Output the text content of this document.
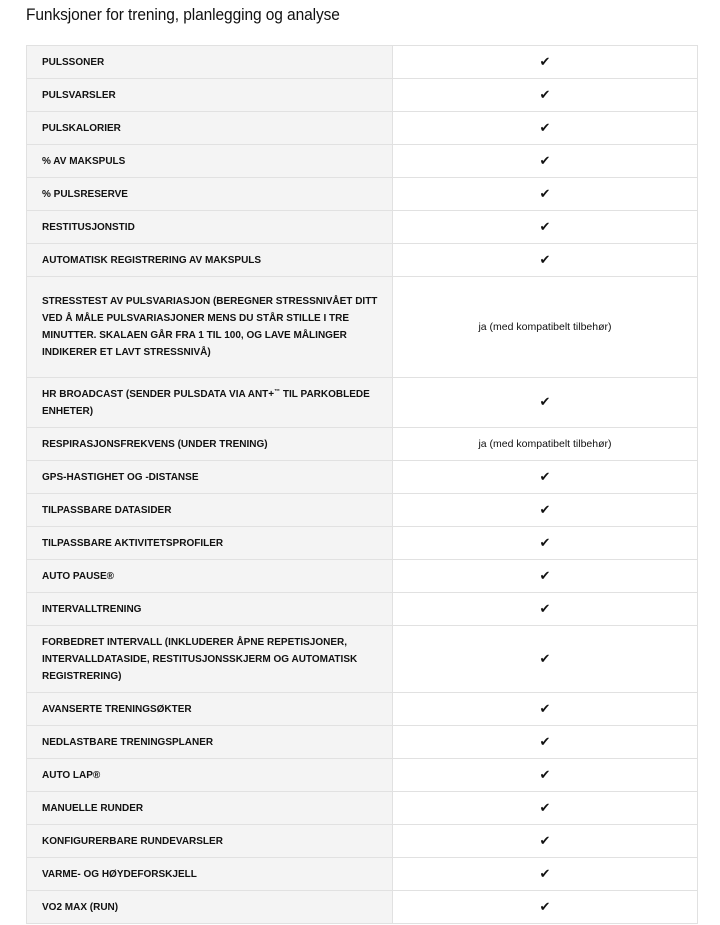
Funksjoner for trening, planlegging og analyse
PULSSONER	✔
PULSVARSLER	✔
PULSKALORIER	✔
% AV MAKSPULS	✔
% PULSRESERVE	✔
RESTITUSJONSTID	✔
AUTOMATISK REGISTRERING AV MAKSPULS	✔
STRESSTEST AV PULSVARIASJON (BEREGNER STRESSNIVÅET DITT VED Å MÅLE PULSVARIASJONER MENS DU STÅR STILLE I TRE MINUTTER. SKALAEN GÅR FRA 1 TIL 100, OG LAVE MÅLINGER INDIKERER ET LAVT STRESSNIVÅ)	ja (med kompatibelt tilbehør)
HR BROADCAST (SENDER PULSDATA VIA ANT+™ TIL PARKOBLEDE ENHETER)	✔
RESPIRASJONSFREKVENS (UNDER TRENING)	ja (med kompatibelt tilbehør)
GPS-HASTIGHET OG -DISTANSE	✔
TILPASSBARE DATASIDER	✔
TILPASSBARE AKTIVITETSPROFILER	✔
AUTO PAUSE®	✔
INTERVALLTRENING	✔
FORBEDRET INTERVALL (INKLUDERER ÅPNE REPETISJONER, INTERVALLDATASIDE, RESTITUSJONSSKJERM OG AUTOMATISK REGISTRERING)	✔
AVANSERTE TRENINGSØKTER	✔
NEDLASTBARE TRENINGSPLANER	✔
AUTO LAP®	✔
MANUELLE RUNDER	✔
KONFIGURERBARE RUNDEVARSLER	✔
VARME- OG HØYDEFORSKJELL	✔
VO2 MAX (RUN)	✔
